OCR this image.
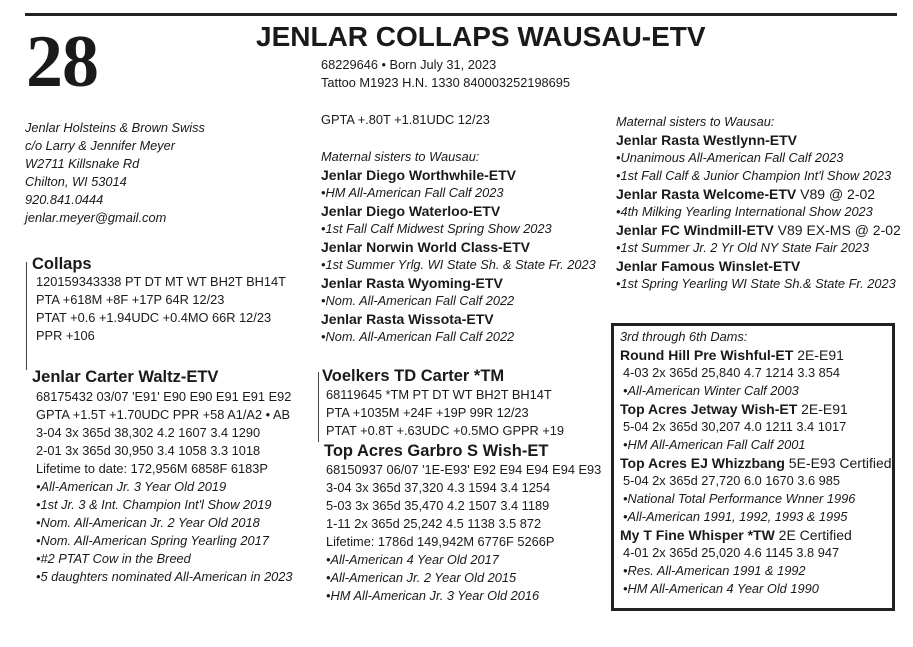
28	JENLAR COLLAPS WAUSAU-ETV
68229646 • Born July 31, 2023
Tattoo M1923 H.N. 1330 840003252198695
GPTA +.80T +1.81UDC 12/23
Jenlar Holsteins & Brown Swiss
c/o Larry & Jennifer Meyer
W2711 Killsnake Rd
Chilton, WI 53014
920.841.0444
jenlar.meyer@gmail.com
Collaps
120159343338 PT DT MT WT BH2T BH14T
PTA +618M +8F +17P 64R 12/23
PTAT +0.6 +1.94UDC +0.4MO 66R 12/23
PPR +106
Jenlar Carter Waltz-ETV
68175432 03/07 'E91' E90 E90 E91 E91 E92
GPTA +1.5T +1.70UDC PPR +58 A1/A2 • AB
3-04 3x 365d 38,302 4.2 1607 3.4 1290
2-01 3x 365d 30,950 3.4 1058 3.3 1018
Lifetime to date: 172,956M 6858F 6183P
•All-American Jr. 3 Year Old 2019
•1st Jr. 3 & Int. Champion Int'l Show 2019
•Nom. All-American Jr. 2 Year Old 2018
•Nom. All-American Spring Yearling 2017
•#2 PTAT Cow in the Breed
•5 daughters nominated All-American in 2023
Maternal sisters to Wausau:
Jenlar Diego Worthwhile-ETV
•HM All-American Fall Calf 2023
Jenlar Diego Waterloo-ETV
•1st Fall Calf Midwest Spring Show 2023
Jenlar Norwin World Class-ETV
•1st Summer Yrlg. WI State Sh. & State Fr. 2023
Jenlar Rasta Wyoming-ETV
•Nom. All-American Fall Calf 2022
Jenlar Rasta Wissota-ETV
•Nom. All-American Fall Calf 2022
Voelkers TD Carter *TM
68119645 *TM PT DT WT BH2T BH14T
PTA +1035M +24F +19P 99R 12/23
PTAT +0.8T +.63UDC +0.5MO GPPR +19
Top Acres Garbro S Wish-ET
68150937 06/07 '1E-E93' E92 E94 E94 E94 E93
3-04 3x 365d 37,320 4.3 1594 3.4 1254
5-03 3x 365d 35,470 4.2 1507 3.4 1189
1-11 2x 365d 25,242 4.5 1138 3.5 872
Lifetime: 1786d 149,942M 6776F 5266P
•All-American 4 Year Old 2017
•All-American Jr. 2 Year Old 2015
•HM All-American Jr. 3 Year Old 2016
Maternal sisters to Wausau:
Jenlar Rasta Westlynn-ETV
•Unanimous All-American Fall Calf 2023
•1st Fall Calf & Junior Champion Int'l Show 2023
Jenlar Rasta Welcome-ETV V89 @ 2-02
•4th Milking Yearling International Show 2023
Jenlar FC Windmill-ETV V89 EX-MS @ 2-02
•1st Summer Jr. 2 Yr Old NY State Fair 2023
Jenlar Famous Winslet-ETV
•1st Spring Yearling WI State Sh.& State Fr. 2023
3rd through 6th Dams:
Round Hill Pre Wishful-ET 2E-E91
4-03 2x 365d 25,840 4.7 1214 3.3 854
•All-American Winter Calf 2003
Top Acres Jetway Wish-ET 2E-E91
5-04 2x 365d 30,207 4.0 1211 3.4 1017
•HM All-American Fall Calf 2001
Top Acres EJ Whizzbang 5E-E93 Certified
5-04 2x 365d 27,720 6.0 1670 3.6 985
•National Total Performance Wnner 1996
•All-American 1991, 1992, 1993 & 1995
My T Fine Whisper *TW 2E Certified
4-01 2x 365d 25,020 4.6 1145 3.8 947
•Res. All-American 1991 & 1992
•HM All-American 4 Year Old 1990
